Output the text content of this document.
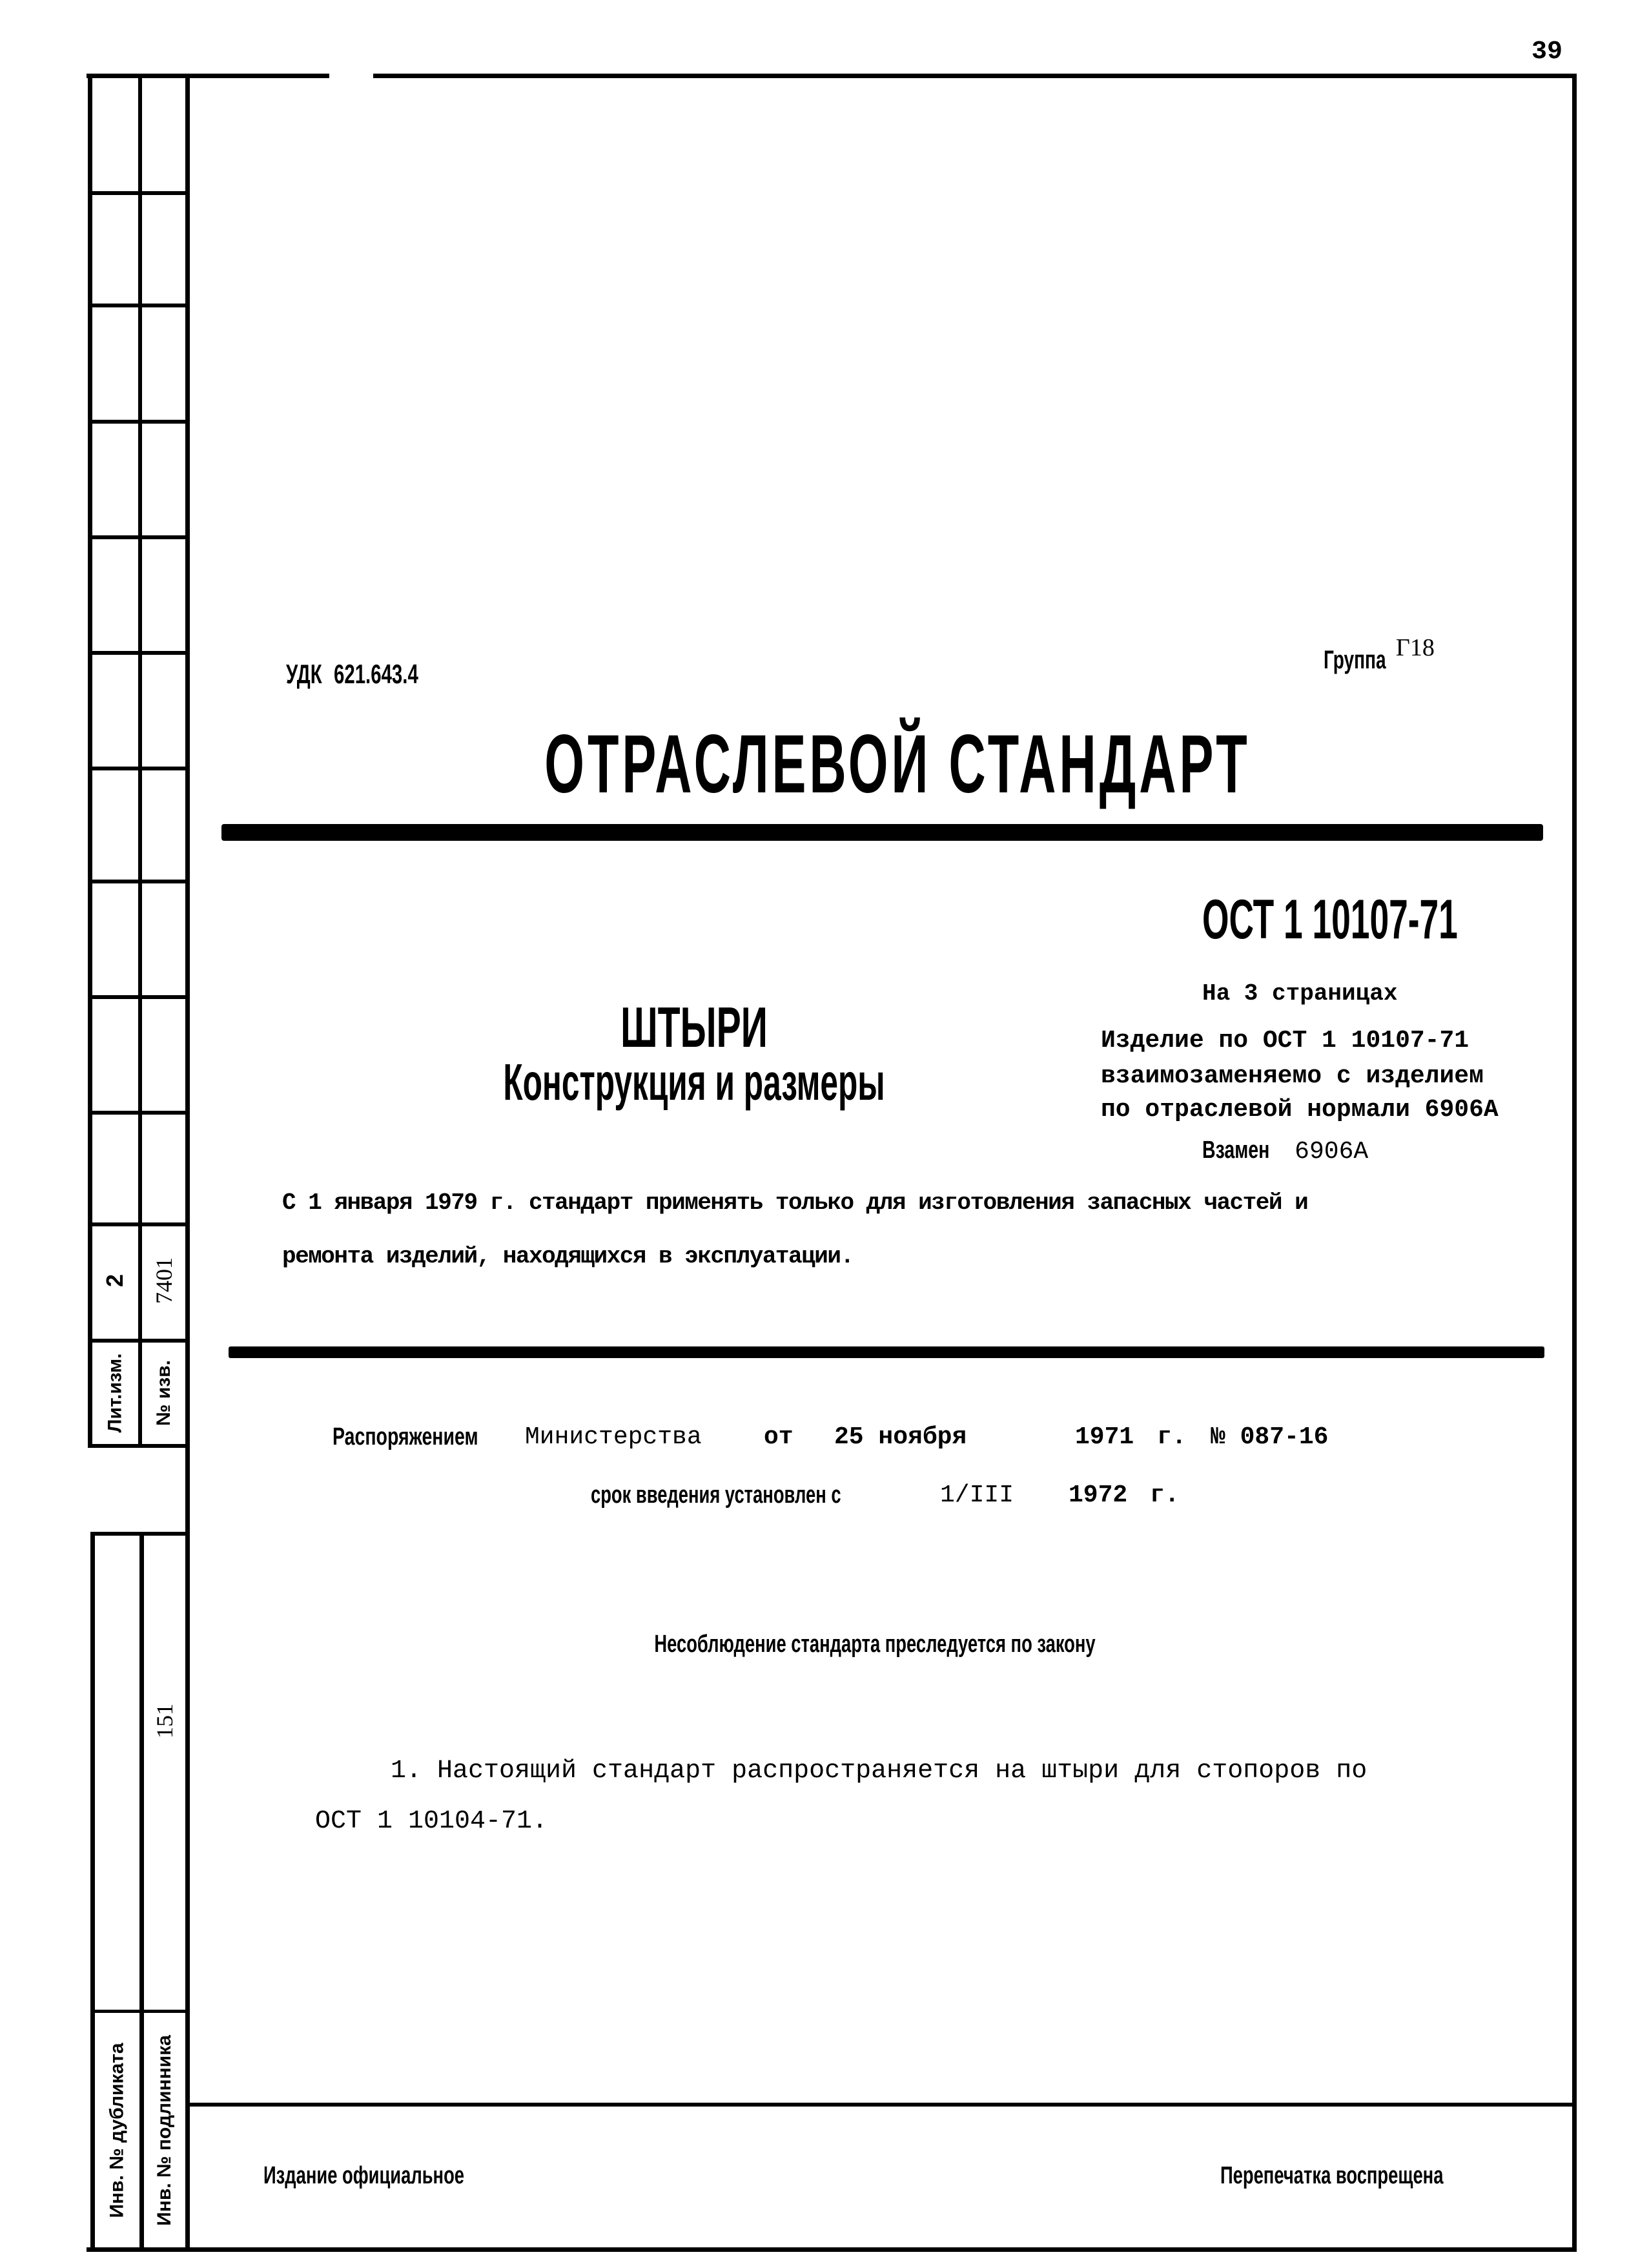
2
Лит.изм.
7401
№ изв.
151
Инв. № дубликата Инв. № подлинника
39
УДК 621.643.4	Группа Г18
ОТРАСЛЕВОЙ СТАНДАРТ
ОСТ 1 10107-71
На 3 страницах
Изделие по ОСТ 1 10107-71
взаимозаменяемо с изделием
по отраслевой нормали 6906А
Взамен 6906А
ШТЫРИ
Конструкция и размеры
С 1 января 1979 г. стандарт применять только для изготовления запасных частей и
ремонта изделий, находящихся в эксплуатации.
Распоряжением Министерства	от 25 ноября	1971 г. № 087-16
срок введения установлен с	1/III 1972 г.
Несоблюдение стандарта преследуется по закону
1. Настоящий стандарт распространяется на штыри для стопоров по
ОСТ 1 10104-71.
Издание официальное	Перепечатка воспрещена
